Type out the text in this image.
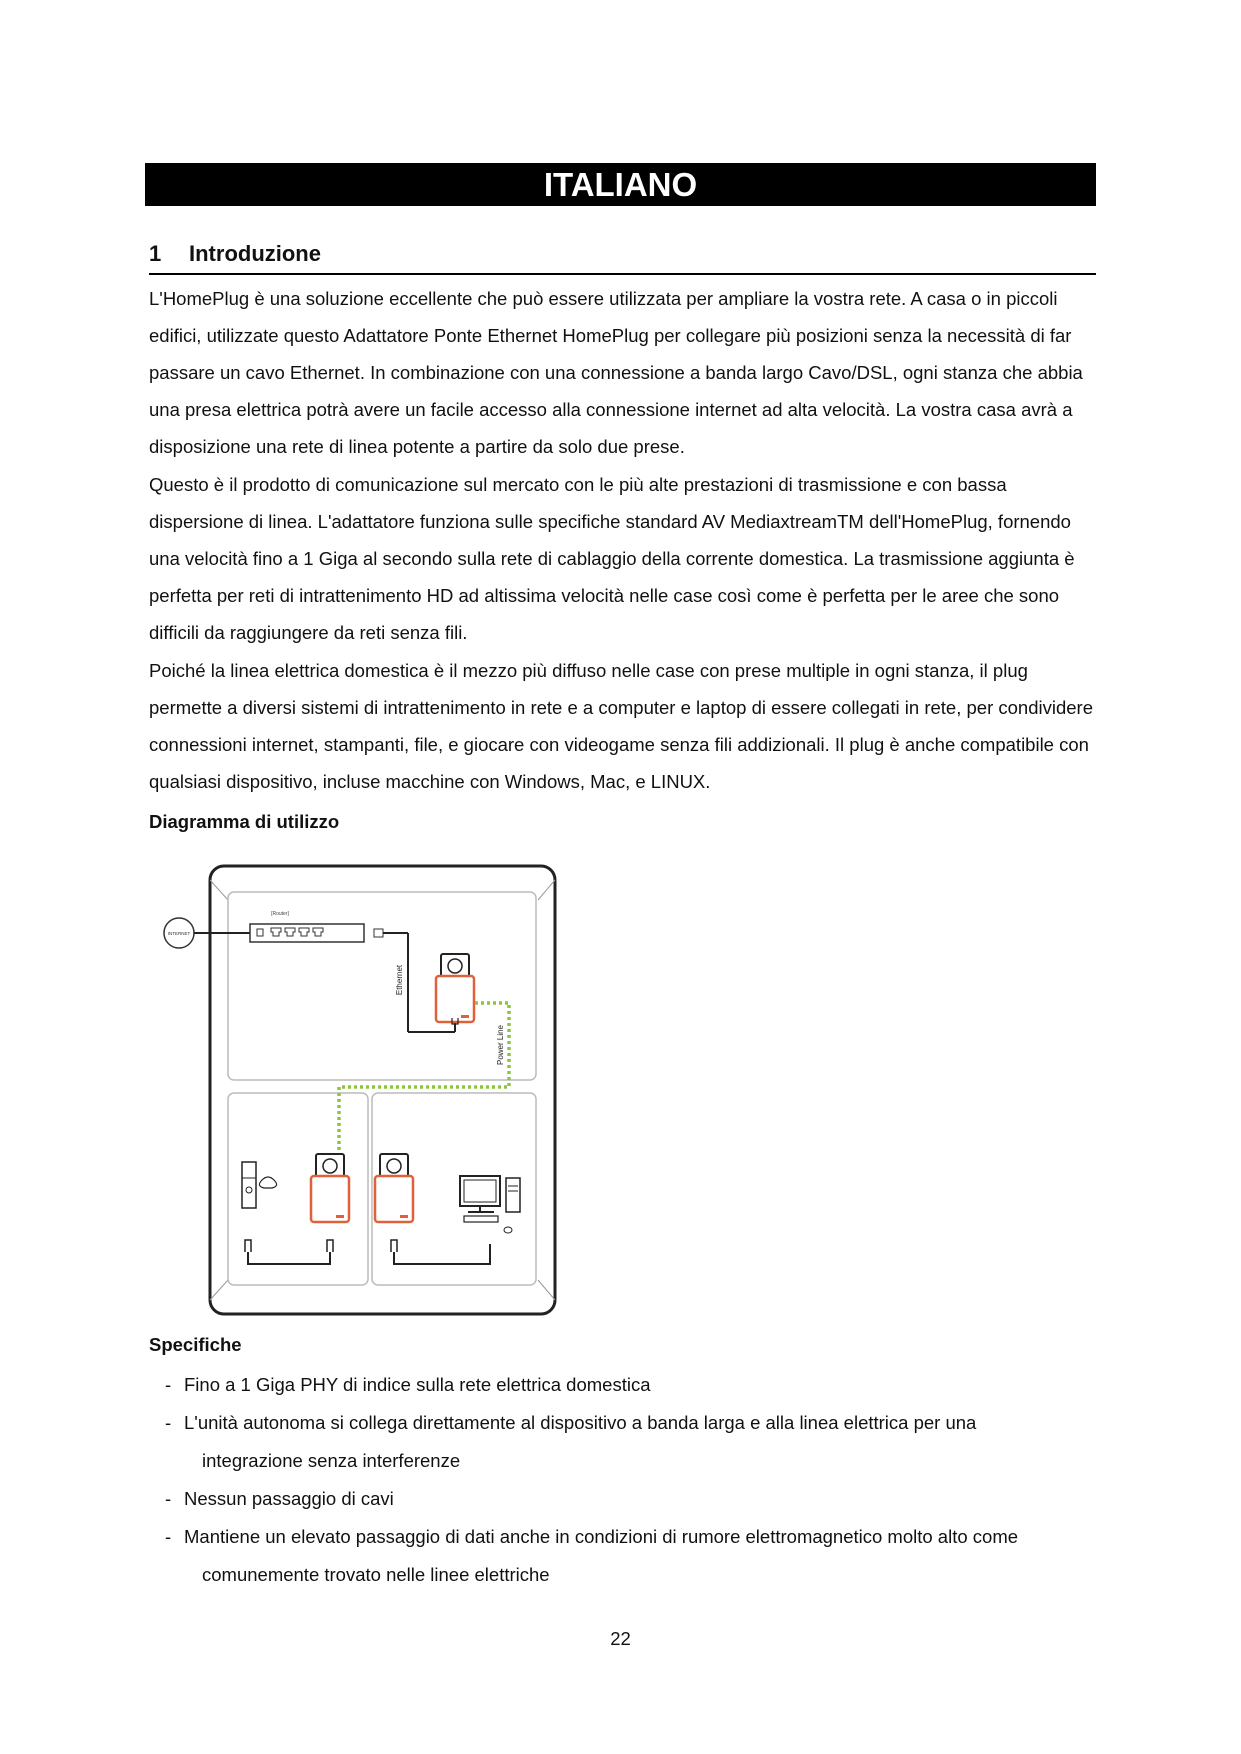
ITALIANO
1 Introduzione

L'HomePlug è una soluzione eccellente che può essere utilizzata per ampliare la vostra rete. A casa o in piccoli edifici, utilizzate questo Adattatore Ponte Ethernet HomePlug per collegare più posizioni senza la necessità di far passare un cavo Ethernet. In combinazione con una connessione a banda largo Cavo/DSL, ogni stanza che abbia una presa elettrica potrà avere un facile accesso alla connessione internet ad alta velocità. La vostra casa avrà a disposizione una rete di linea potente a partire da solo due prese.

Questo è il prodotto di comunicazione sul mercato con le più alte prestazioni di trasmissione e con bassa dispersione di linea. L'adattatore funziona sulle specifiche standard AV MediaxtreamTM dell'HomePlug, fornendo una velocità fino a 1 Giga al secondo sulla rete di cablaggio della corrente domestica. La trasmissione aggiunta è perfetta per reti di intrattenimento HD ad altissima velocità nelle case così come è perfetta per le aree che sono difficili da raggiungere da reti senza fili.

Poiché la linea elettrica domestica è il mezzo più diffuso nelle case con prese multiple in ogni stanza, il plug permette a diversi sistemi di intrattenimento in rete e a computer e laptop di essere collegati in rete, per condividere connessioni internet, stampanti, file, e giocare con videogame senza fili addizionali. Il plug è anche compatibile con qualsiasi dispositivo, incluse macchine con Windows, Mac, e LINUX.

Diagramma di utilizzo
INTERNET
[Router]
Ethernet
Power Line
Specifiche
- Fino a 1 Giga PHY di indice sulla rete elettrica domestica
- L'unità autonoma si collega direttamente al dispositivo a banda larga e alla linea elettrica per una
integrazione senza interferenze
- Nessun passaggio di cavi
- Mantiene un elevato passaggio di dati anche in condizioni di rumore elettromagnetico molto alto come
comunemente trovato nelle linee elettriche
22
